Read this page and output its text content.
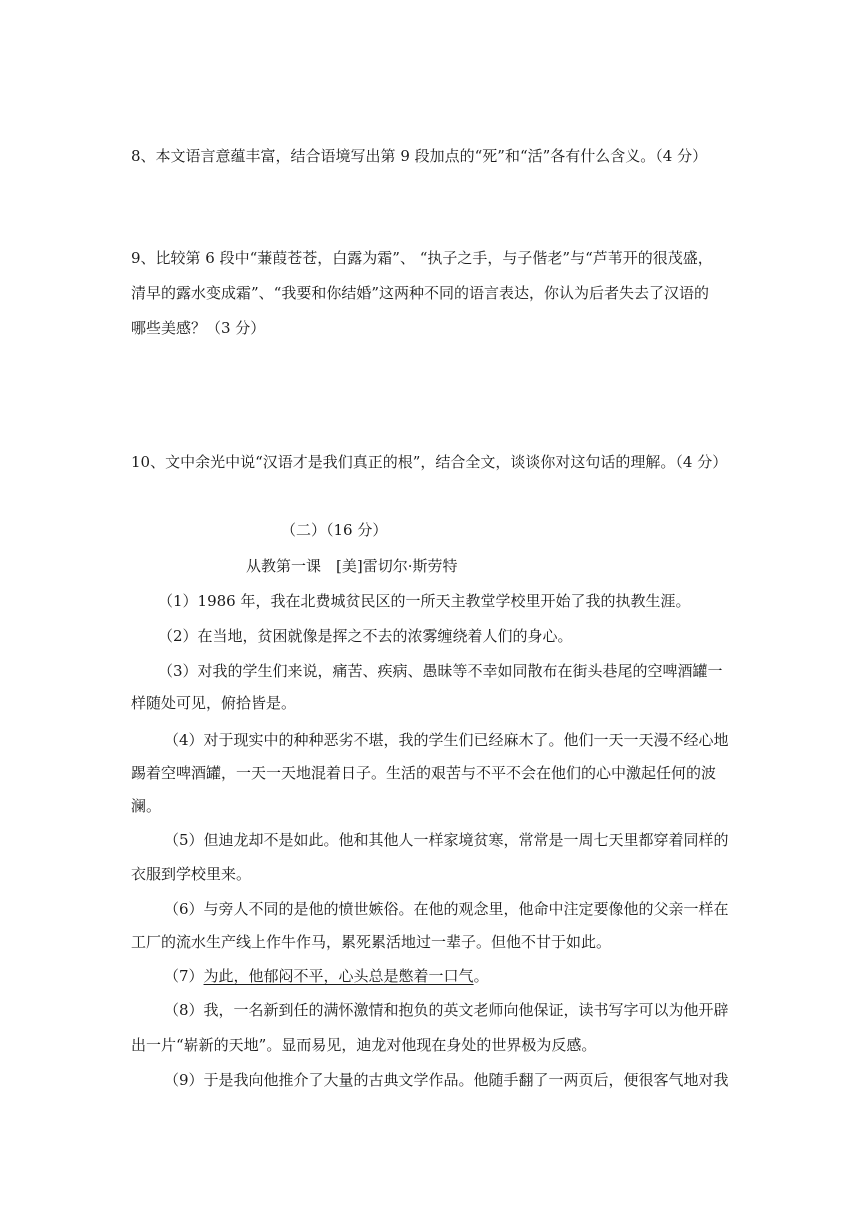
8、本文语言意蕴丰富，结合语境写出第 9 段加点的“死”和“活”各有什么含义。（4 分）
9、比较第 6 段中“蒹葭苍苍，白露为霜”、 “执子之手，与子偕老”与“芦苇开的很茂盛，
清早的露水变成霜”、“我要和你结婚”这两种不同的语言表达，你认为后者失去了汉语的
哪些美感？（3 分）
10、文中余光中说“汉语才是我们真正的根”，结合全文，谈谈你对这句话的理解。（4 分）
（二）（16 分）
从教第一课　[美]雷切尔·斯劳特
（1）1986 年，我在北费城贫民区的一所天主教堂学校里开始了我的执教生涯。
（2）在当地，贫困就像是挥之不去的浓雾缠绕着人们的身心。
（3）对我的学生们来说，痛苦、疾病、愚昧等不幸如同散布在街头巷尾的空啤酒罐一
样随处可见，俯拾皆是。
（4）对于现实中的种种恶劣不堪，我的学生们已经麻木了。他们一天一天漫不经心地
踢着空啤酒罐，一天一天地混着日子。生活的艰苦与不平不会在他们的心中激起任何的波
澜。
（5）但迪龙却不是如此。他和其他人一样家境贫寒，常常是一周七天里都穿着同样的
衣服到学校里来。
（6）与旁人不同的是他的愤世嫉俗。在他的观念里，他命中注定要像他的父亲一样在
工厂的流水生产线上作牛作马，累死累活地过一辈子。但他不甘于如此。
（7）为此，他郁闷不平，心头总是憋着一口气。
（8）我，一名新到任的满怀激情和抱负的英文老师向他保证，读书写字可以为他开辟
出一片“崭新的天地”。显而易见，迪龙对他现在身处的世界极为反感。
（9）于是我向他推介了大量的古典文学作品。他随手翻了一两页后，便很客气地对我
